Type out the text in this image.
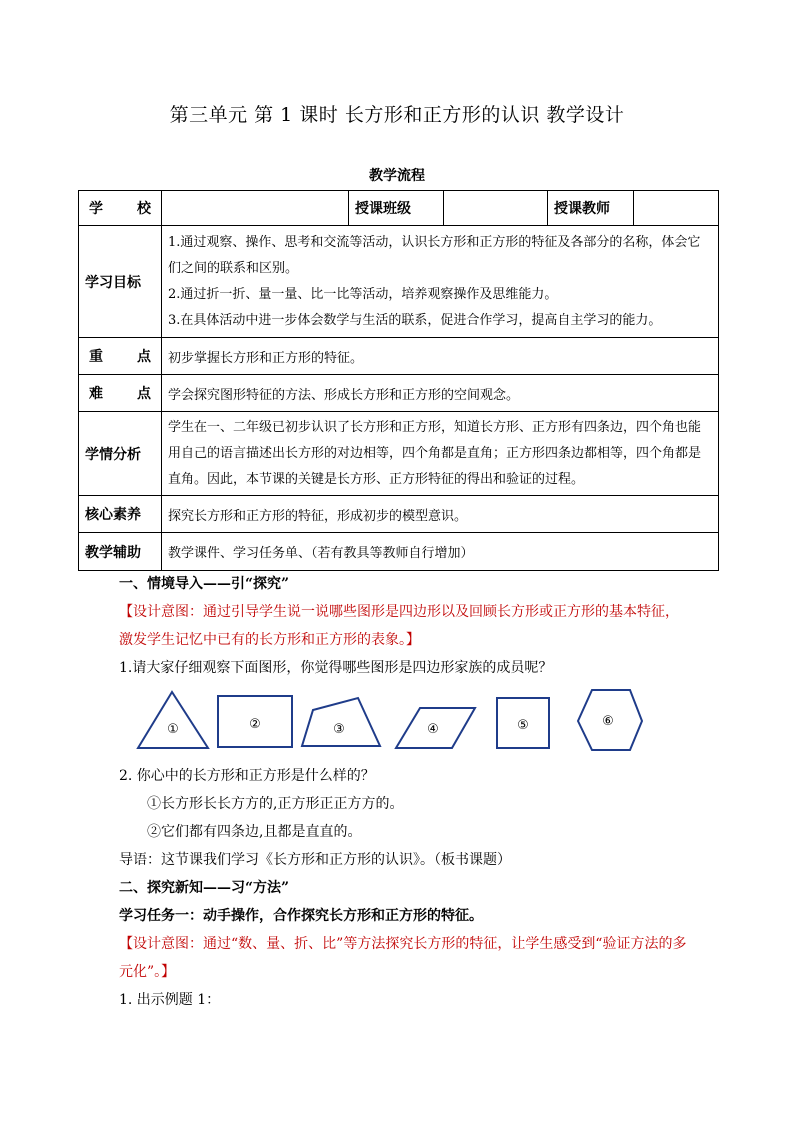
第三单元 第 1 课时 长方形和正方形的认识 教学设计
教学流程
学 校		授课班级		授课教师	
学习目标	1.通过观察、操作、思考和交流等活动，认识长方形和正方形的特征及各部分的名称，体会它们之间的联系和区别。
2.通过折一折、量一量、比一比等活动，培养观察操作及思维能力。
3.在具体活动中进一步体会数学与生活的联系，促进合作学习，提高自主学习的能力。				

重 点	初步掌握长方形和正方形的特征。				
难 点	学会探究图形特征的方法、形成长方形和正方形的空间观念。				
学情分析	学生在一、二年级已初步认识了长方形和正方形，知道长方形、正方形有四条边，四个角也能用自己的语言描述出长方形的对边相等，四个角都是直角；正方形四条边都相等，四个角都是直角。因此，本节课的关键是长方形、正方形特征的得出和验证的过程。				
核心素养	探究长方形和正方形的特征，形成初步的模型意识。				
教学辅助	教学课件、学习任务单、（若有教具等教师自行增加）				
一、情境导入——引“探究”
【设计意图：通过引导学生说一说哪些图形是四边形以及回顾长方形或正方形的基本特征，激发学生记忆中已有的长方形和正方形的表象。】
1.请大家仔细观察下面图形，你觉得哪些图形是四边形家族的成员呢？
①	②	③	④	⑤	⑥
2. 你心中的长方形和正方形是什么样的？
①长方形长长方方的,正方形正正方方的。
②它们都有四条边,且都是直直的。
导语：这节课我们学习《长方形和正方形的认识》。（板书课题）
二、探究新知——习“方法”
学习任务一：动手操作，合作探究长方形和正方形的特征。
【设计意图：通过“数、量、折、比”等方法探究长方形的特征，让学生感受到“验证方法的多元化”。】
1. 出示例题 1：
